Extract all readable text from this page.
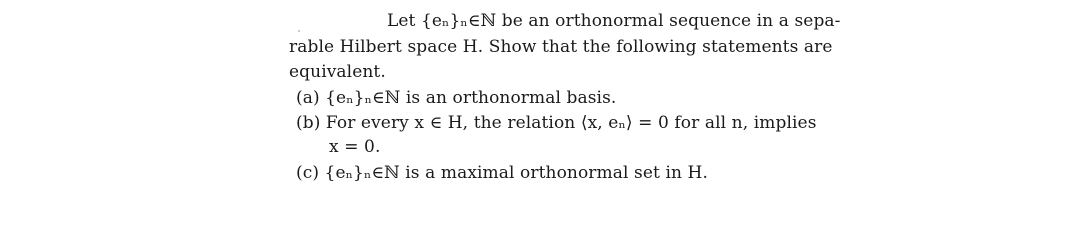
Let {eₙ}ₙ∈ℕ be an orthonormal sequence in a sepa-
rable Hilbert space H. Show that the following statements are
equivalent.
(a) {eₙ}ₙ∈ℕ is an orthonormal basis.
(b) For every x ∈ H, the relation ⟨x, eₙ⟩ = 0 for all n, implies
x = 0.
(c) {eₙ}ₙ∈ℕ is a maximal orthonormal set in H.
